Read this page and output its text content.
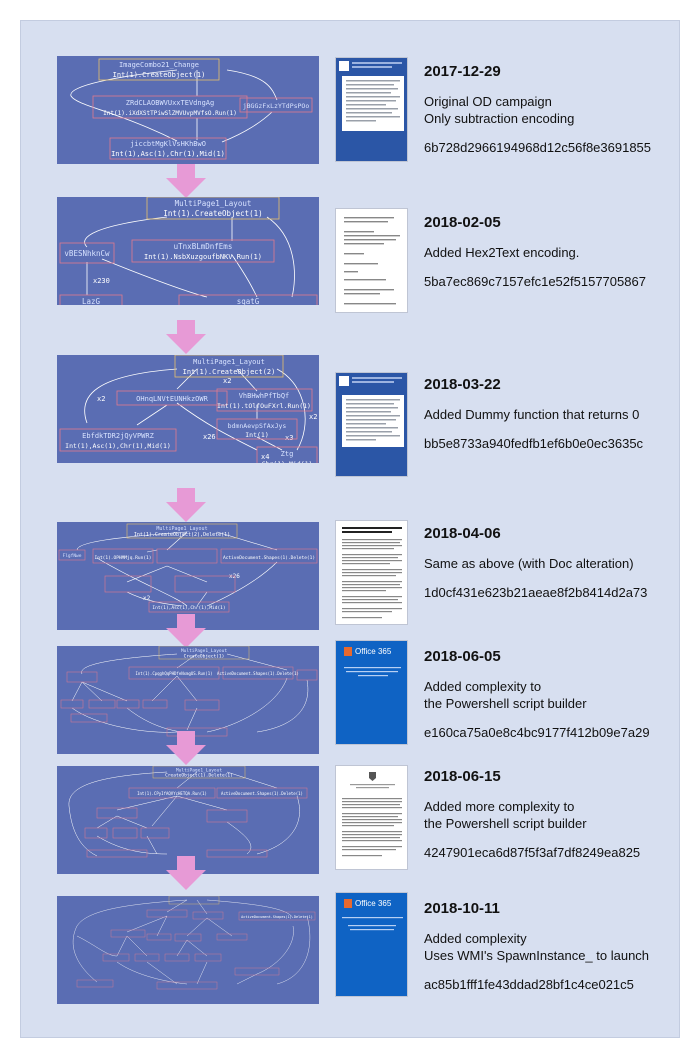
ImageCombo21_Change
Int(1).CreateObject(1)
ZRdCLAOBWVUxxTEVdngAg
Int(1).iXdXStTPiwSlZMVUvpMVfsO.Run(1)
jBGGzFxLzYTdPsPOo
jiccbtMgKlVsHKhBwO
Int(1),Asc(1),Chr(1),Mid(1)

2017-12-29

Original OD campaign
Only subtraction encoding

6b728d2966194968d12c56f8e3691855

x230
MultiPage1_Layout
Int(1).CreateObject(1)
vBESNhknCw
uTnxBLmDnfEms
Int(1).NsbXuzgoufbNKV.Run(1)
LazG	sqatG

2018-02-05

Added Hex2Text encoding.

5ba7ec869c7157efc1e52f5157705867

x2
x2
x26	x3
x4
x2
MultiPage1_Layout
Int(1).CreateObject(2)
OHnqLNVtEUNHkzOWR	VhBHwhPfTbQf
Int(1).tOlfOuFXrl.Run(1)
EbfdkTDR2jQyVPWRZ
Int(1),Asc(1),Chr(1),Mid(1)
bdmnAevpSfAxJys
Int(1)
Ztg

2018-03-22

Added Dummy function that returns 0

bb5e8733a940fedfb1ef6b0e0ec3635c

x2
x26
MultiPage1_Layout
Int(1).CreateObject(2),Delete(1)
FlgfNwe	Int(1).OPHMMjq.Run(1)	ActiveDocument.Shapes(1).Delete(1)
Int(1),Asc(1),Chr(1),Mid(1)

2018-04-06

Same as above (with Doc alteration)

1d0cf431e623b21aeae8f2b8414d2a73

MultiPage1_Layout
CreateObject(1)
Int(1).CpqghQqPHDfeNxmgUS.Run(1) ActiveDocument.Shapes(1).Delete(1)
Office 365 2018-06-05

Added complexity to
the Powershell script builder

e160ca75a0e8c4bc9177f412b09e7a29

MultiPage1_Layout
CreateObject(1).Delete(1)
Int(1).CPyIfAQVYcHETQA.Run(1)	ActiveDocument.Shapes(1).Delete(1)

2018-06-15

Added more complexity to
the Powershell script builder

4247901eca6d87f5f3af7df8249ea825

ActiveDocument.Shapes(1).Delete(1)
Office 365 2018-10-11

Added complexity
Uses WMI's SpawnInstance_ to launch

ac85b1fff1fe43ddad28bf1c4ce021c5
